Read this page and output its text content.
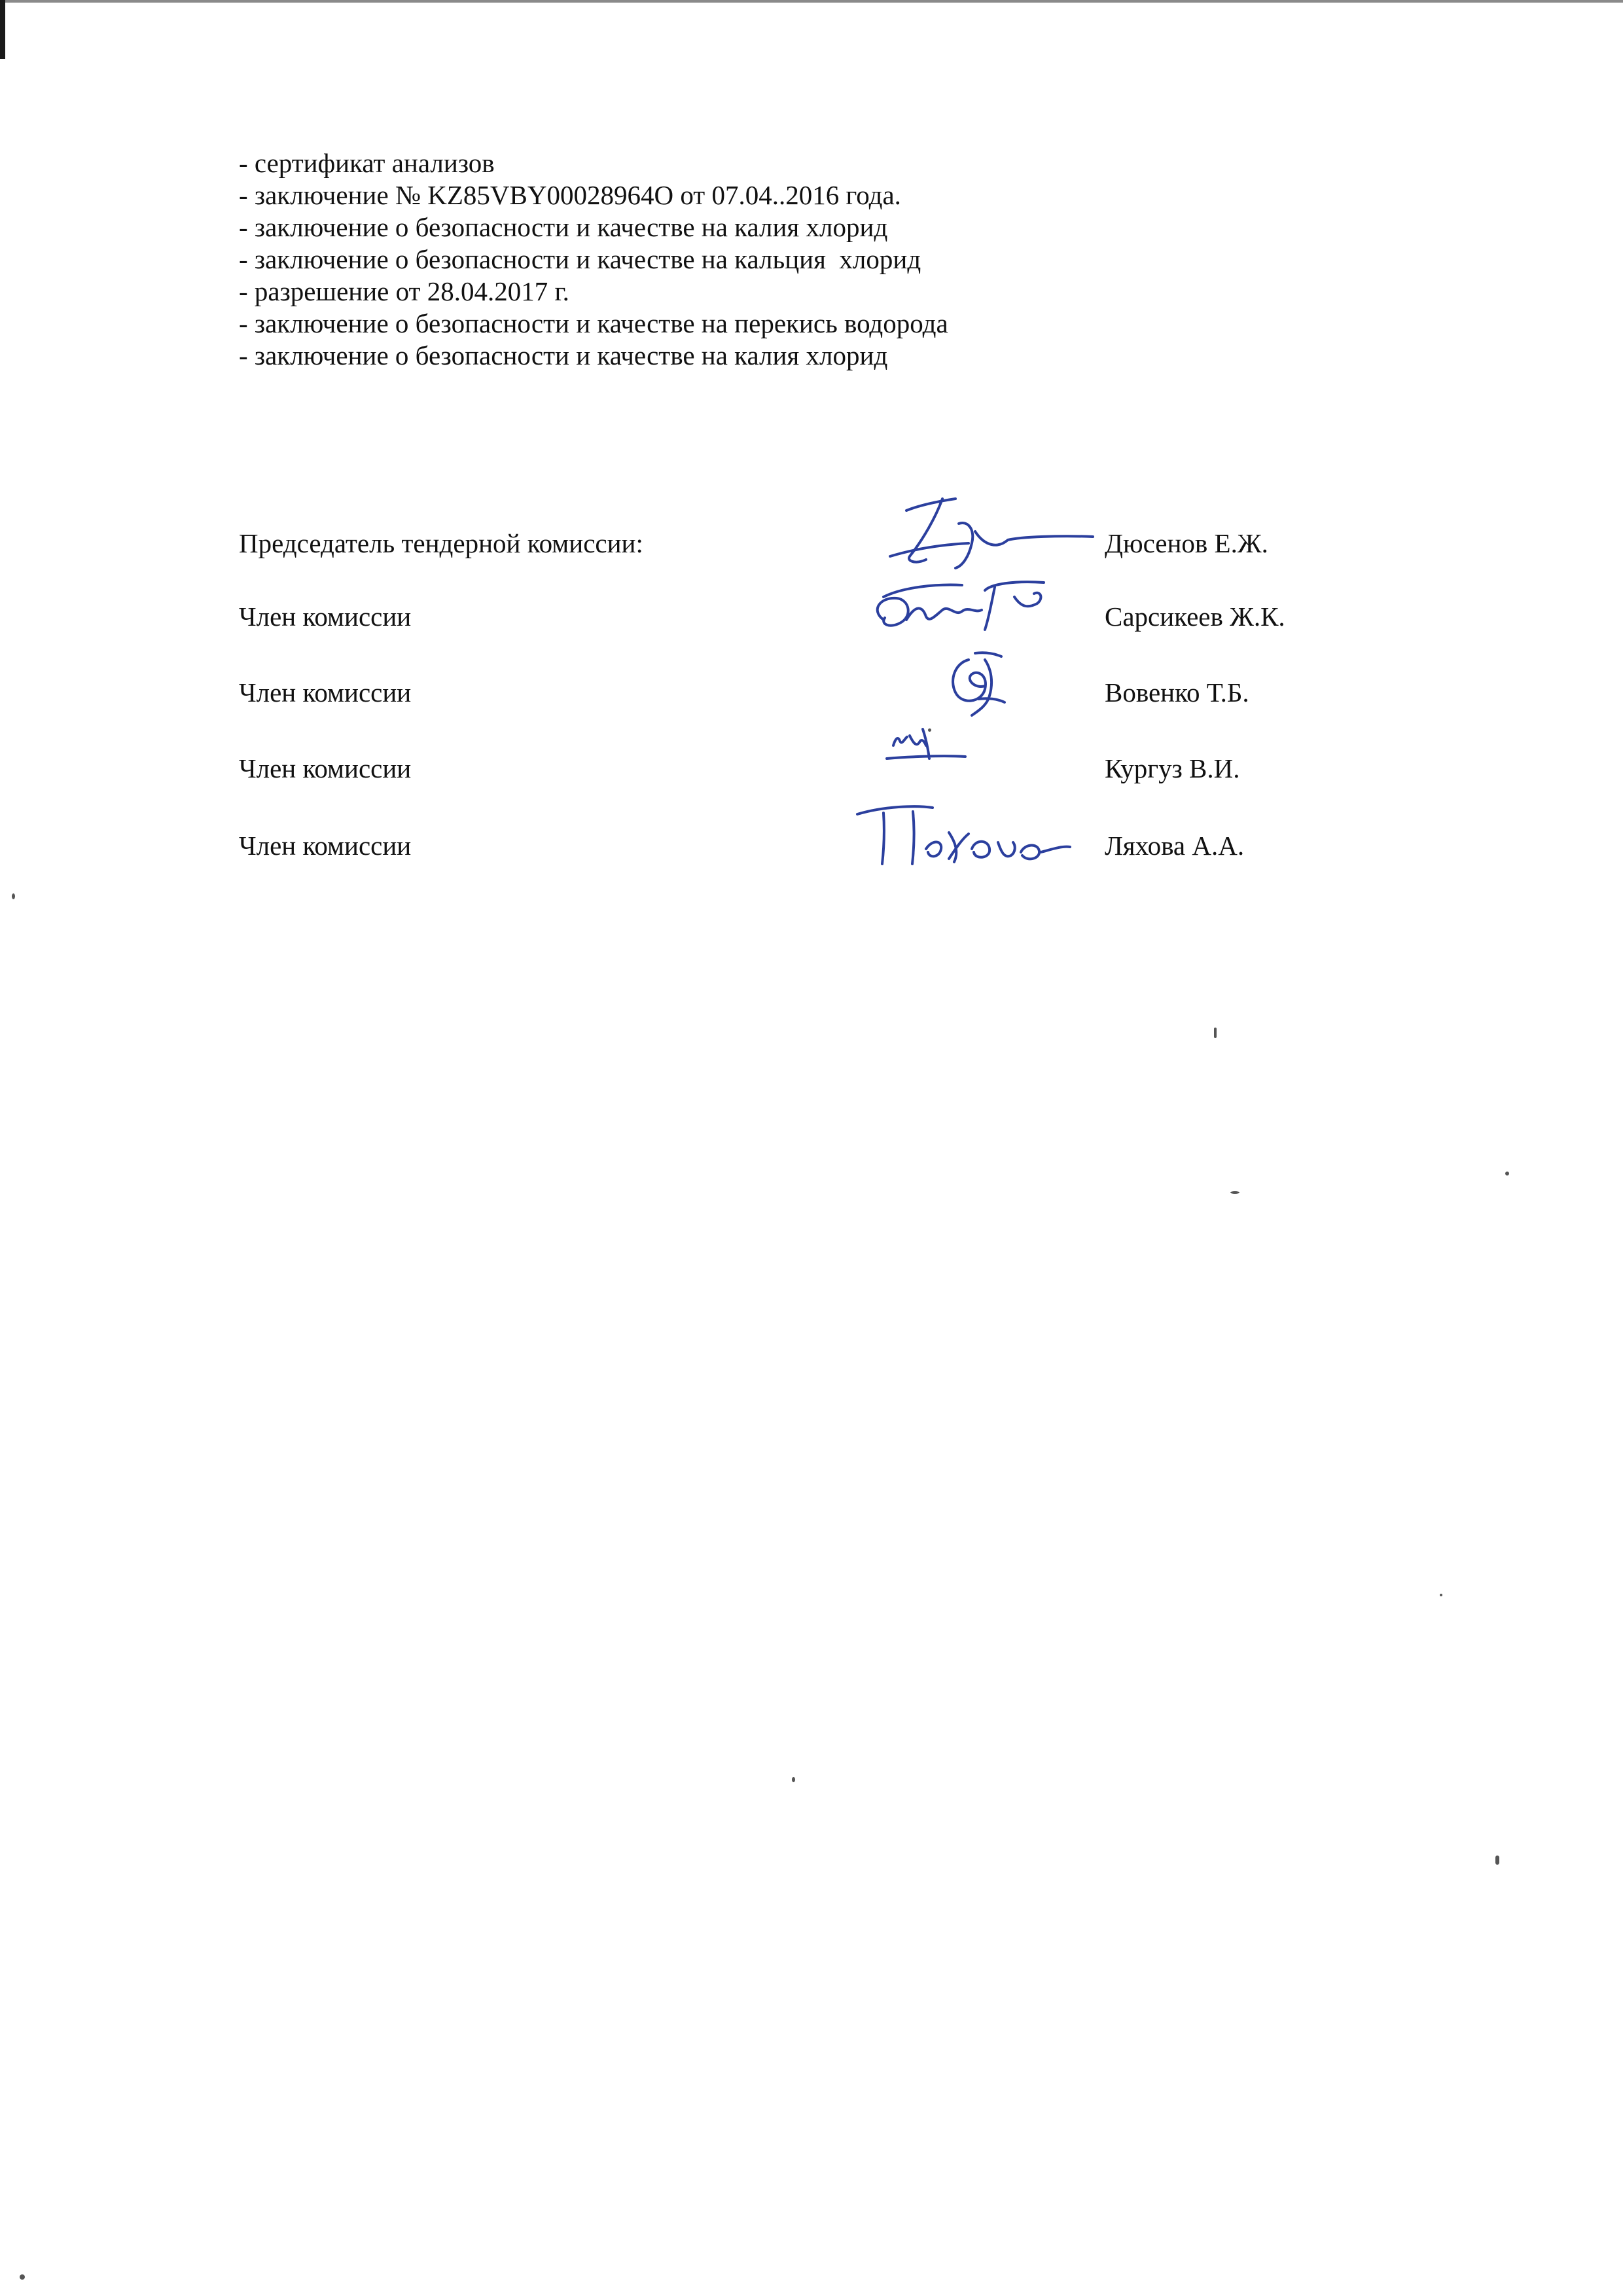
- сертификат анализов
- заключение № KZ85VBY00028964O от 07.04..2016 года.
- заключение о безопасности и качестве на калия хлорид
- заключение о безопасности и качестве на кальция  хлорид
- разрешение от 28.04.2017 г.
- заключение о безопасности и качестве на перекись водорода
- заключение о безопасности и качестве на калия хлорид
Председатель тендерной комиссии:	Дюсенов Е.Ж.
Член комиссии	Сарсикеев Ж.К.
Член комиссии	Вовенко Т.Б.
Член комиссии	Кургуз В.И.
Член комиссии	Ляхова А.А.
